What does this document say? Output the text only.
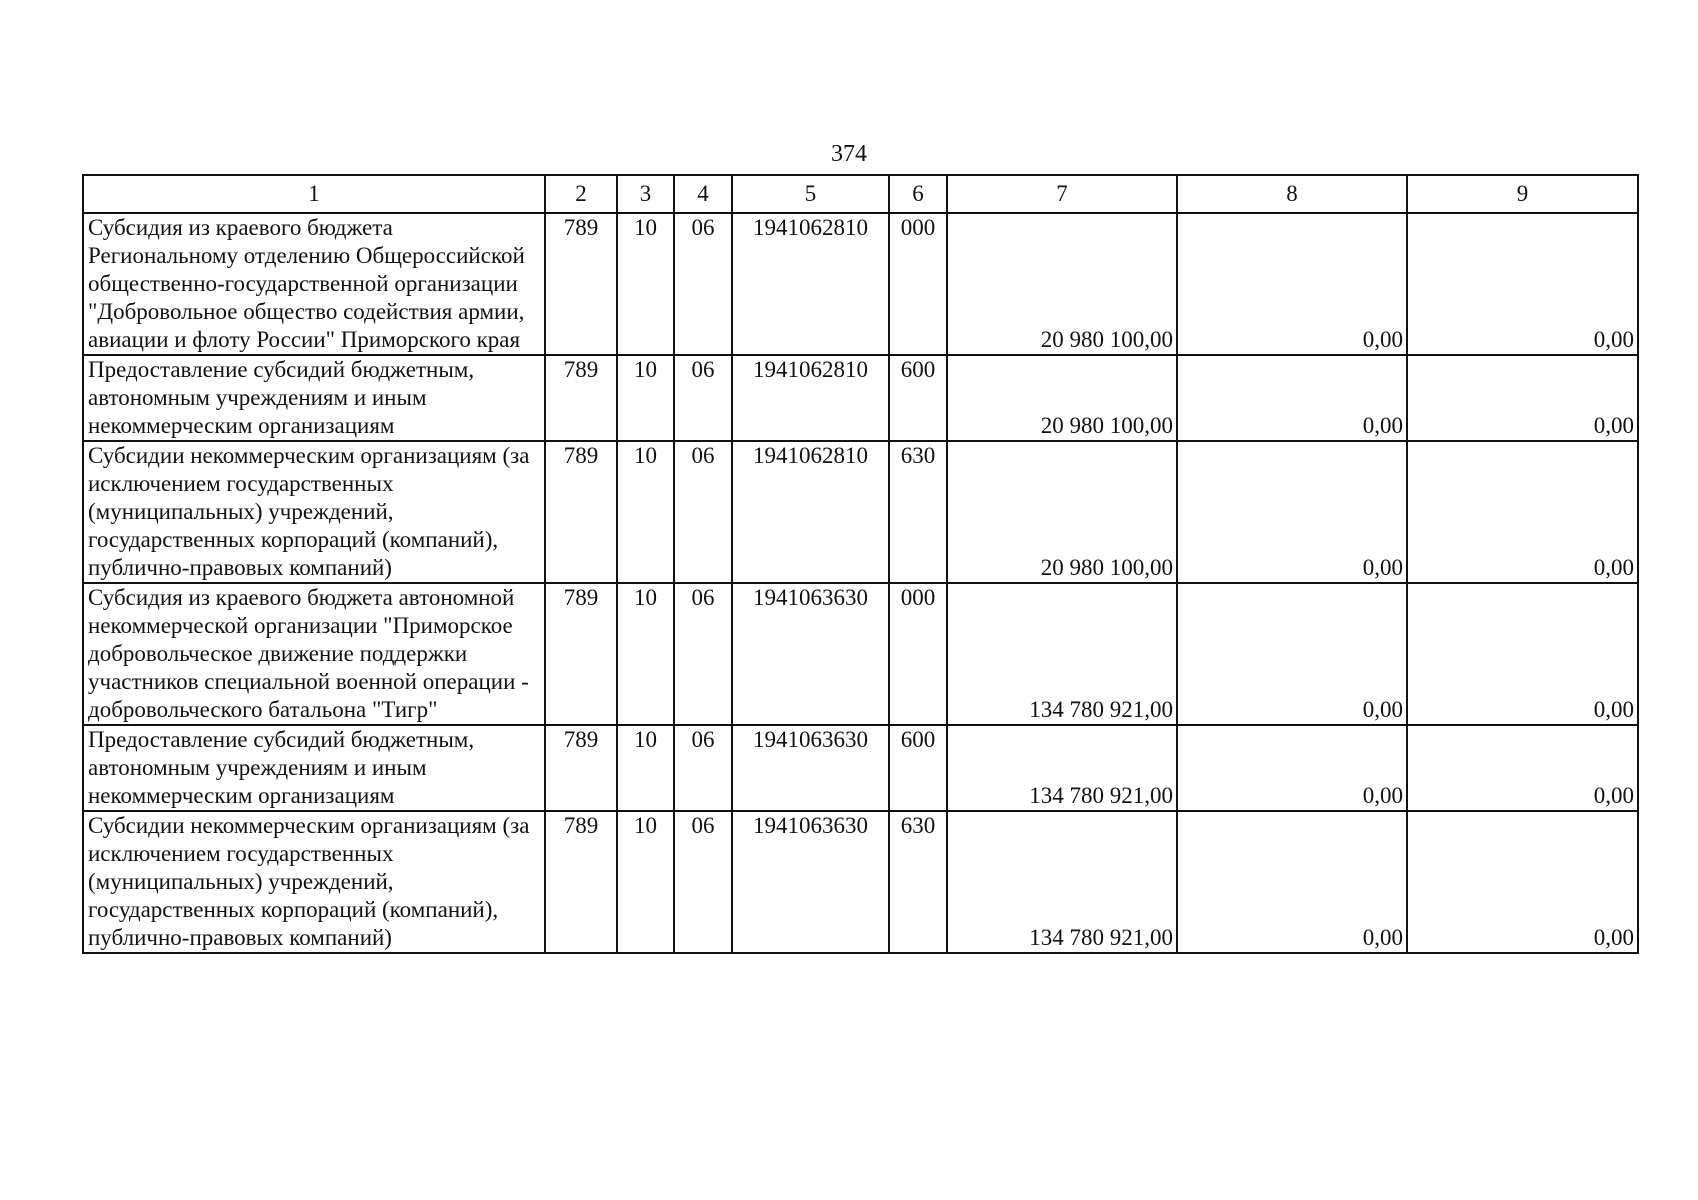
374
1	2	3	4	5	6	7	8	9
Субсидия из краевого бюджета Региональному отделению Общероссийской общественно-государственной организации "Добровольное общество содействия армии, авиации и флоту России" Приморского края	789	10	06	1941062810	000	20 980 100,00	0,00	0,00
Предоставление субсидий бюджетным, автономным учреждениям и иным некоммерческим организациям	789	10	06	1941062810	600	20 980 100,00	0,00	0,00
Субсидии некоммерческим организациям (за исключением государственных (муниципальных) учреждений, государственных корпораций (компаний), публично-правовых компаний)	789	10	06	1941062810	630	20 980 100,00	0,00	0,00
Субсидия из краевого бюджета автономной некоммерческой организации "Приморское добровольческое движение поддержки участников специальной военной операции - добровольческого батальона "Тигр"	789	10	06	1941063630	000	134 780 921,00	0,00	0,00
Предоставление субсидий бюджетным, автономным учреждениям и иным некоммерческим организациям	789	10	06	1941063630	600	134 780 921,00	0,00	0,00
Субсидии некоммерческим организациям (за исключением государственных (муниципальных) учреждений, государственных корпораций (компаний), публично-правовых компаний)	789	10	06	1941063630	630	134 780 921,00	0,00	0,00
